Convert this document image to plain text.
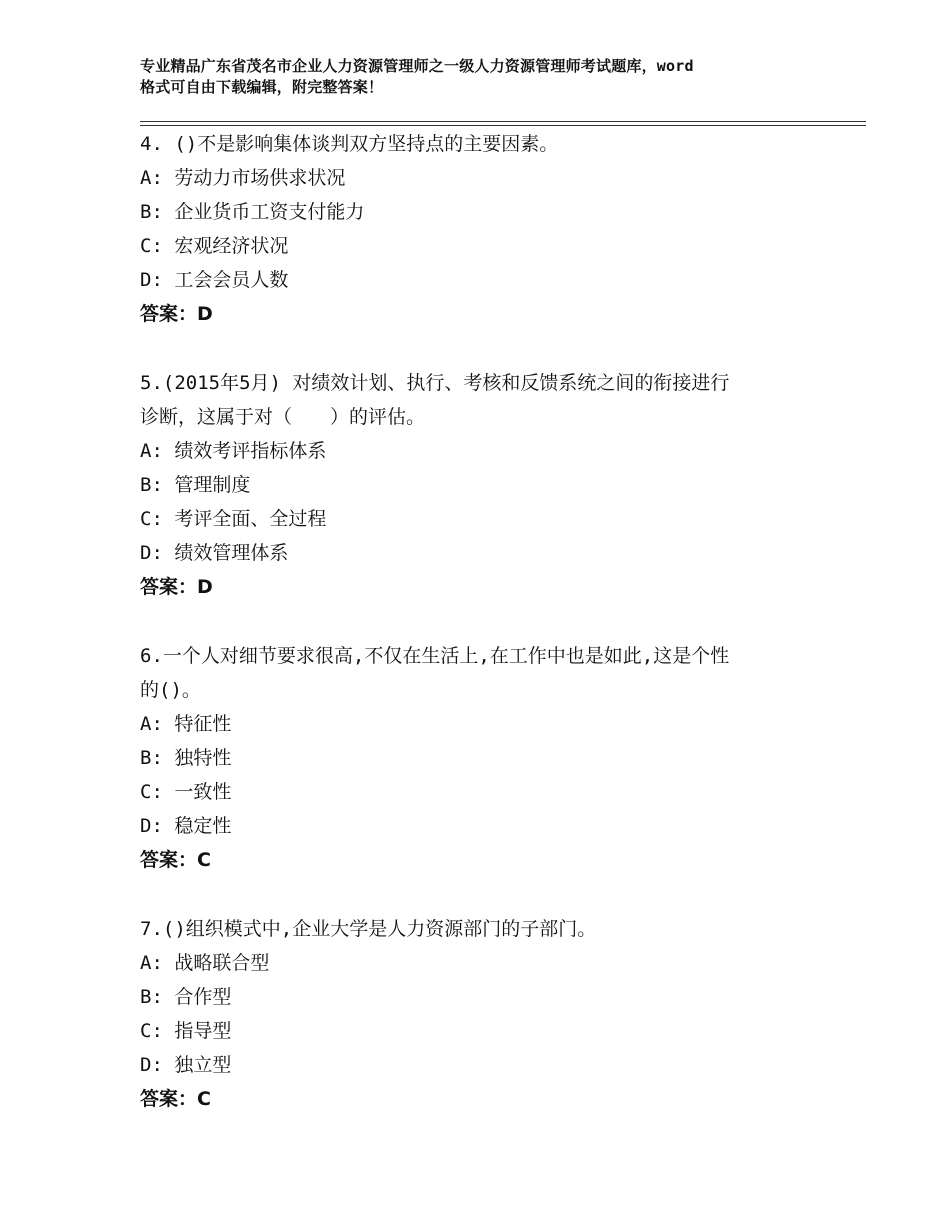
专业精品广东省茂名市企业人力资源管理师之一级人力资源管理师考试题库，word
格式可自由下载编辑，附完整答案！
4. ()不是影响集体谈判双方坚持点的主要因素。
A: 劳动力市场供求状况
B: 企业货币工资支付能力
C: 宏观经济状况
D: 工会会员人数
答案：D
5.(2015年5月) 对绩效计划、执行、考核和反馈系统之间的衔接进行
诊断，这属于对（　　）的评估。
A: 绩效考评指标体系
B: 管理制度
C: 考评全面、全过程
D: 绩效管理体系
答案：D
6.一个人对细节要求很高,不仅在生活上,在工作中也是如此,这是个性
的()。
A: 特征性
B: 独特性
C: 一致性
D: 稳定性
答案：C
7.()组织模式中,企业大学是人力资源部门的子部门。
A: 战略联合型
B: 合作型
C: 指导型
D: 独立型
答案：C
